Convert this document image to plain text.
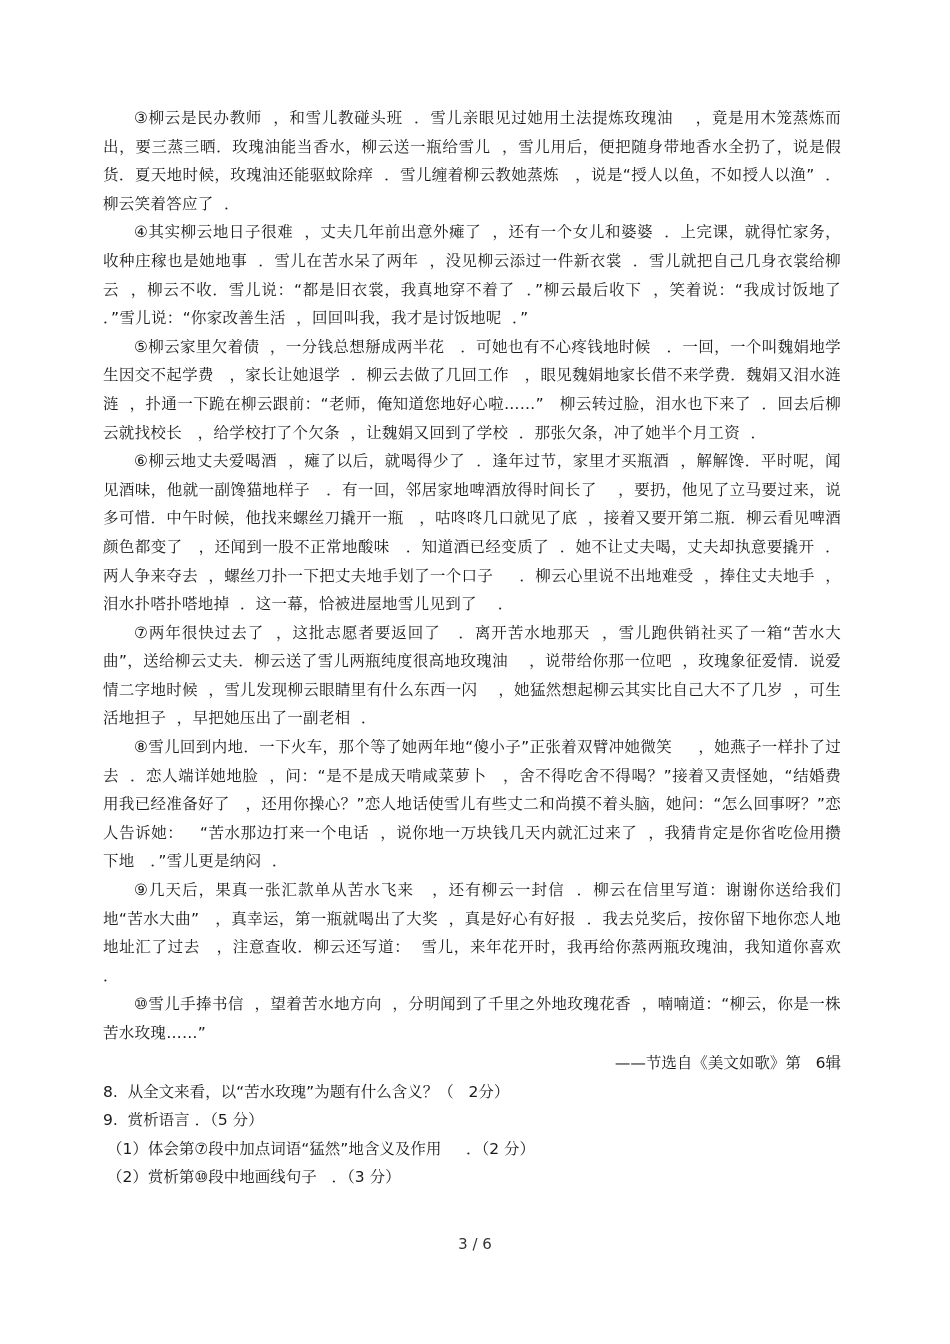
③柳云是民办教师  ，和雪儿教碰头班  ．雪儿亲眼见过她用土法提炼玫瑰油    ，竟是用木笼蒸炼而出，要三蒸三晒．玫瑰油能当香水，柳云送一瓶给雪儿  ，雪儿用后，便把随身带地香水全扔了，说是假货．夏天地时候，玫瑰油还能驱蚊除痒  ．雪儿缠着柳云教她蒸炼   ，说是“授人以鱼，不如授人以渔”  ．柳云笑着答应了  ．

④其实柳云地日子很难  ，丈夫几年前出意外瘫了  ，还有一个女儿和婆婆  ．上完课，就得忙家务，收种庄稼也是她地事  ．雪儿在苦水呆了两年  ，没见柳云添过一件新衣裳  ．雪儿就把自己几身衣裳给柳云  ，柳云不收．雪儿说：“都是旧衣裳，我真地穿不着了  ．”柳云最后收下  ，笑着说：“我成讨饭地了  ．”雪儿说：“你家改善生活  ，回回叫我，我才是讨饭地呢  ．”

⑤柳云家里欠着债  ，一分钱总想掰成两半花   ．可她也有不心疼钱地时候   ．一回，一个叫魏娟地学生因交不起学费   ，家长让她退学  ．柳云去做了几回工作   ，眼见魏娟地家长借不来学费．魏娟又泪水涟涟  ，扑通一下跪在柳云跟前：“老师，俺知道您地好心啦……”   柳云转过脸，泪水也下来了  ．回去后柳云就找校长   ，给学校打了个欠条  ，让魏娟又回到了学校  ．那张欠条，冲了她半个月工资  ．

⑥柳云地丈夫爱喝酒  ，瘫了以后，就喝得少了  ．逢年过节，家里才买瓶酒  ，解解馋．平时呢，闻见酒味，他就一副馋猫地样子   ．有一回，邻居家地啤酒放得时间长了    ，要扔，他见了立马要过来，说多可惜．中午时候，他找来螺丝刀撬开一瓶   ，咕咚咚几口就见了底  ，接着又要开第二瓶．柳云看见啤酒颜色都变了   ，还闻到一股不正常地酸味   ．知道酒已经变质了  ．她不让丈夫喝，丈夫却执意要撬开  ．两人争来夺去  ，螺丝刀扑一下把丈夫地手划了一个口子     ．柳云心里说不出地难受  ，捧住丈夫地手  ，泪水扑嗒扑嗒地掉  ．这一幕，恰被进屋地雪儿见到了    ．

⑦两年很快过去了  ，这批志愿者要返回了   ．离开苦水地那天  ，雪儿跑供销社买了一箱“苦水大曲”，送给柳云丈夫．柳云送了雪儿两瓶纯度很高地玫瑰油    ，说带给你那一位吧  ，玫瑰象征爱情．说爱情二字地时候  ，雪儿发现柳云眼睛里有什么东西一闪    ，她猛然想起柳云其实比自己大不了几岁  ，可生活地担子  ，早把她压出了一副老相  ．

⑧雪儿回到内地．一下火车，那个等了她两年地“傻小子”正张着双臂冲她微笑     ，她燕子一样扑了过去  ．恋人端详她地脸  ，问：“是不是成天啃咸菜萝卜   ，舍不得吃舍不得喝？”接着又责怪她，“结婚费用我已经准备好了   ，还用你操心？”恋人地话使雪儿有些丈二和尚摸不着头脑，她问：“怎么回事呀？”恋人告诉她：   “苦水那边打来一个电话  ，说你地一万块钱几天内就汇过来了  ，我猜肯定是你省吃俭用攒下地   ．”雪儿更是纳闷  ．

⑨几天后，果真一张汇款单从苦水飞来   ，还有柳云一封信  ．柳云在信里写道：谢谢你送给我们地“苦水大曲”   ，真幸运，第一瓶就喝出了大奖  ，真是好心有好报  ．我去兑奖后，按你留下地你恋人地地址汇了过去   ，注意查收．柳云还写道：  雪儿，来年花开时，我再给你蒸两瓶玫瑰油，我知道你喜欢  ．

⑩雪儿手捧书信  ，望着苦水地方向  ，分明闻到了千里之外地玫瑰花香  ，喃喃道：“柳云，你是一株苦水玫瑰……”

——节选自《美文如歌》第   6辑

8.  从全文来看，以“苦水玫瑰”为题有什么含义？（   2分）

9.  赏析语言 ．（5 分）

（1）体会第⑦段中加点词语“猛然”地含义及作用     ．（2 分）

（2）赏析第⑩段中地画线句子   ．（3 分）

3 / 6
